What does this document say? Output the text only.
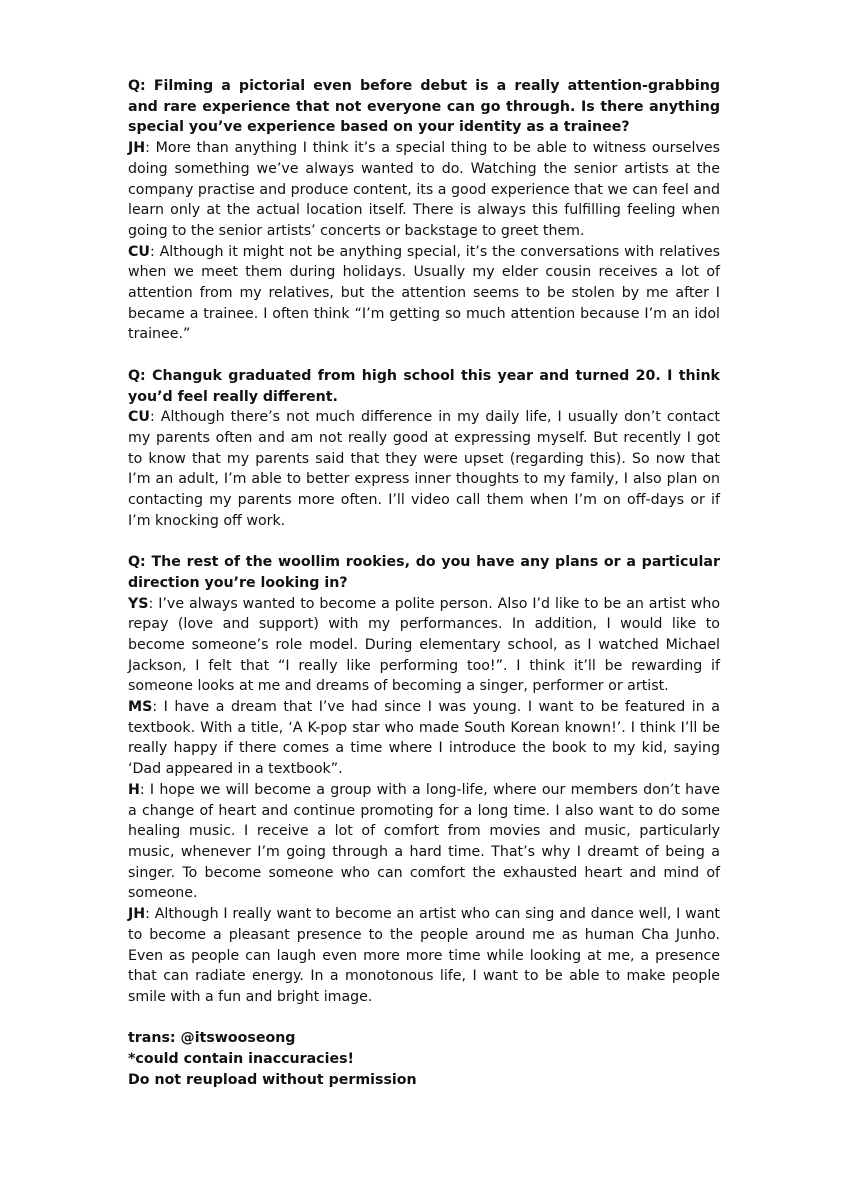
Q: Filming a pictorial even before debut is a really attention-grabbing and rare experience that not everyone can go through. Is there anything special you’ve experience based on your identity as a trainee?

JH: More than anything I think it’s a special thing to be able to witness ourselves doing something we’ve always wanted to do. Watching the senior artists at the company practise and produce content, its a good experience that we can feel and learn only at the actual location itself. There is always this fulfilling feeling when going to the senior artists’ concerts or backstage to greet them.

CU: Although it might not be anything special, it’s the conversations with relatives when we meet them during holidays. Usually my elder cousin receives a lot of attention from my relatives, but the attention seems to be stolen by me after I became a trainee. I often think “I’m getting so much attention because I’m an idol trainee.”

Q: Changuk graduated from high school this year and turned 20. I think you’d feel really different.

CU: Although there’s not much difference in my daily life, I usually don’t contact my parents often and am not really good at expressing myself. But recently I got to know that my parents said that they were upset (regarding this). So now that I’m an adult, I’m able to better express inner thoughts to my family, I also plan on contacting my parents more often. I’ll video call them when I’m on off-days or if I’m knocking off work.

Q: The rest of the woollim rookies, do you have any plans or a particular direction you’re looking in?

YS: I’ve always wanted to become a polite person. Also I’d like to be an artist who repay (love and support) with my performances. In addition, I would like to become someone’s role model. During elementary school, as I watched Michael Jackson, I felt that “I really like performing too!”. I think it’ll be rewarding if someone looks at me and dreams of becoming a singer, performer or artist.

MS: I have a dream that I’ve had since I was young. I want to be featured in a textbook. With a title, ‘A K-pop star who made South Korean known!’. I think I’ll be really happy if there comes a time where I introduce the book to my kid, saying ‘Dad appeared in a textbook”.

H: I hope we will become a group with a long-life, where our members don’t have a change of heart and continue promoting for a long time. I also want to do some healing music. I receive a lot of comfort from movies and music, particularly music, whenever I’m going through a hard time. That’s why I dreamt of being a singer. To become someone who can comfort the exhausted heart and mind of someone.

JH: Although I really want to become an artist who can sing and dance well, I want to become a pleasant presence to the people around me as human Cha Junho. Even as people can laugh even more more time while looking at me, a presence that can radiate energy. In a monotonous life, I want to be able to make people smile with a fun and bright image.

trans: @itswooseong

*could contain inaccuracies!

Do not reupload without permission
